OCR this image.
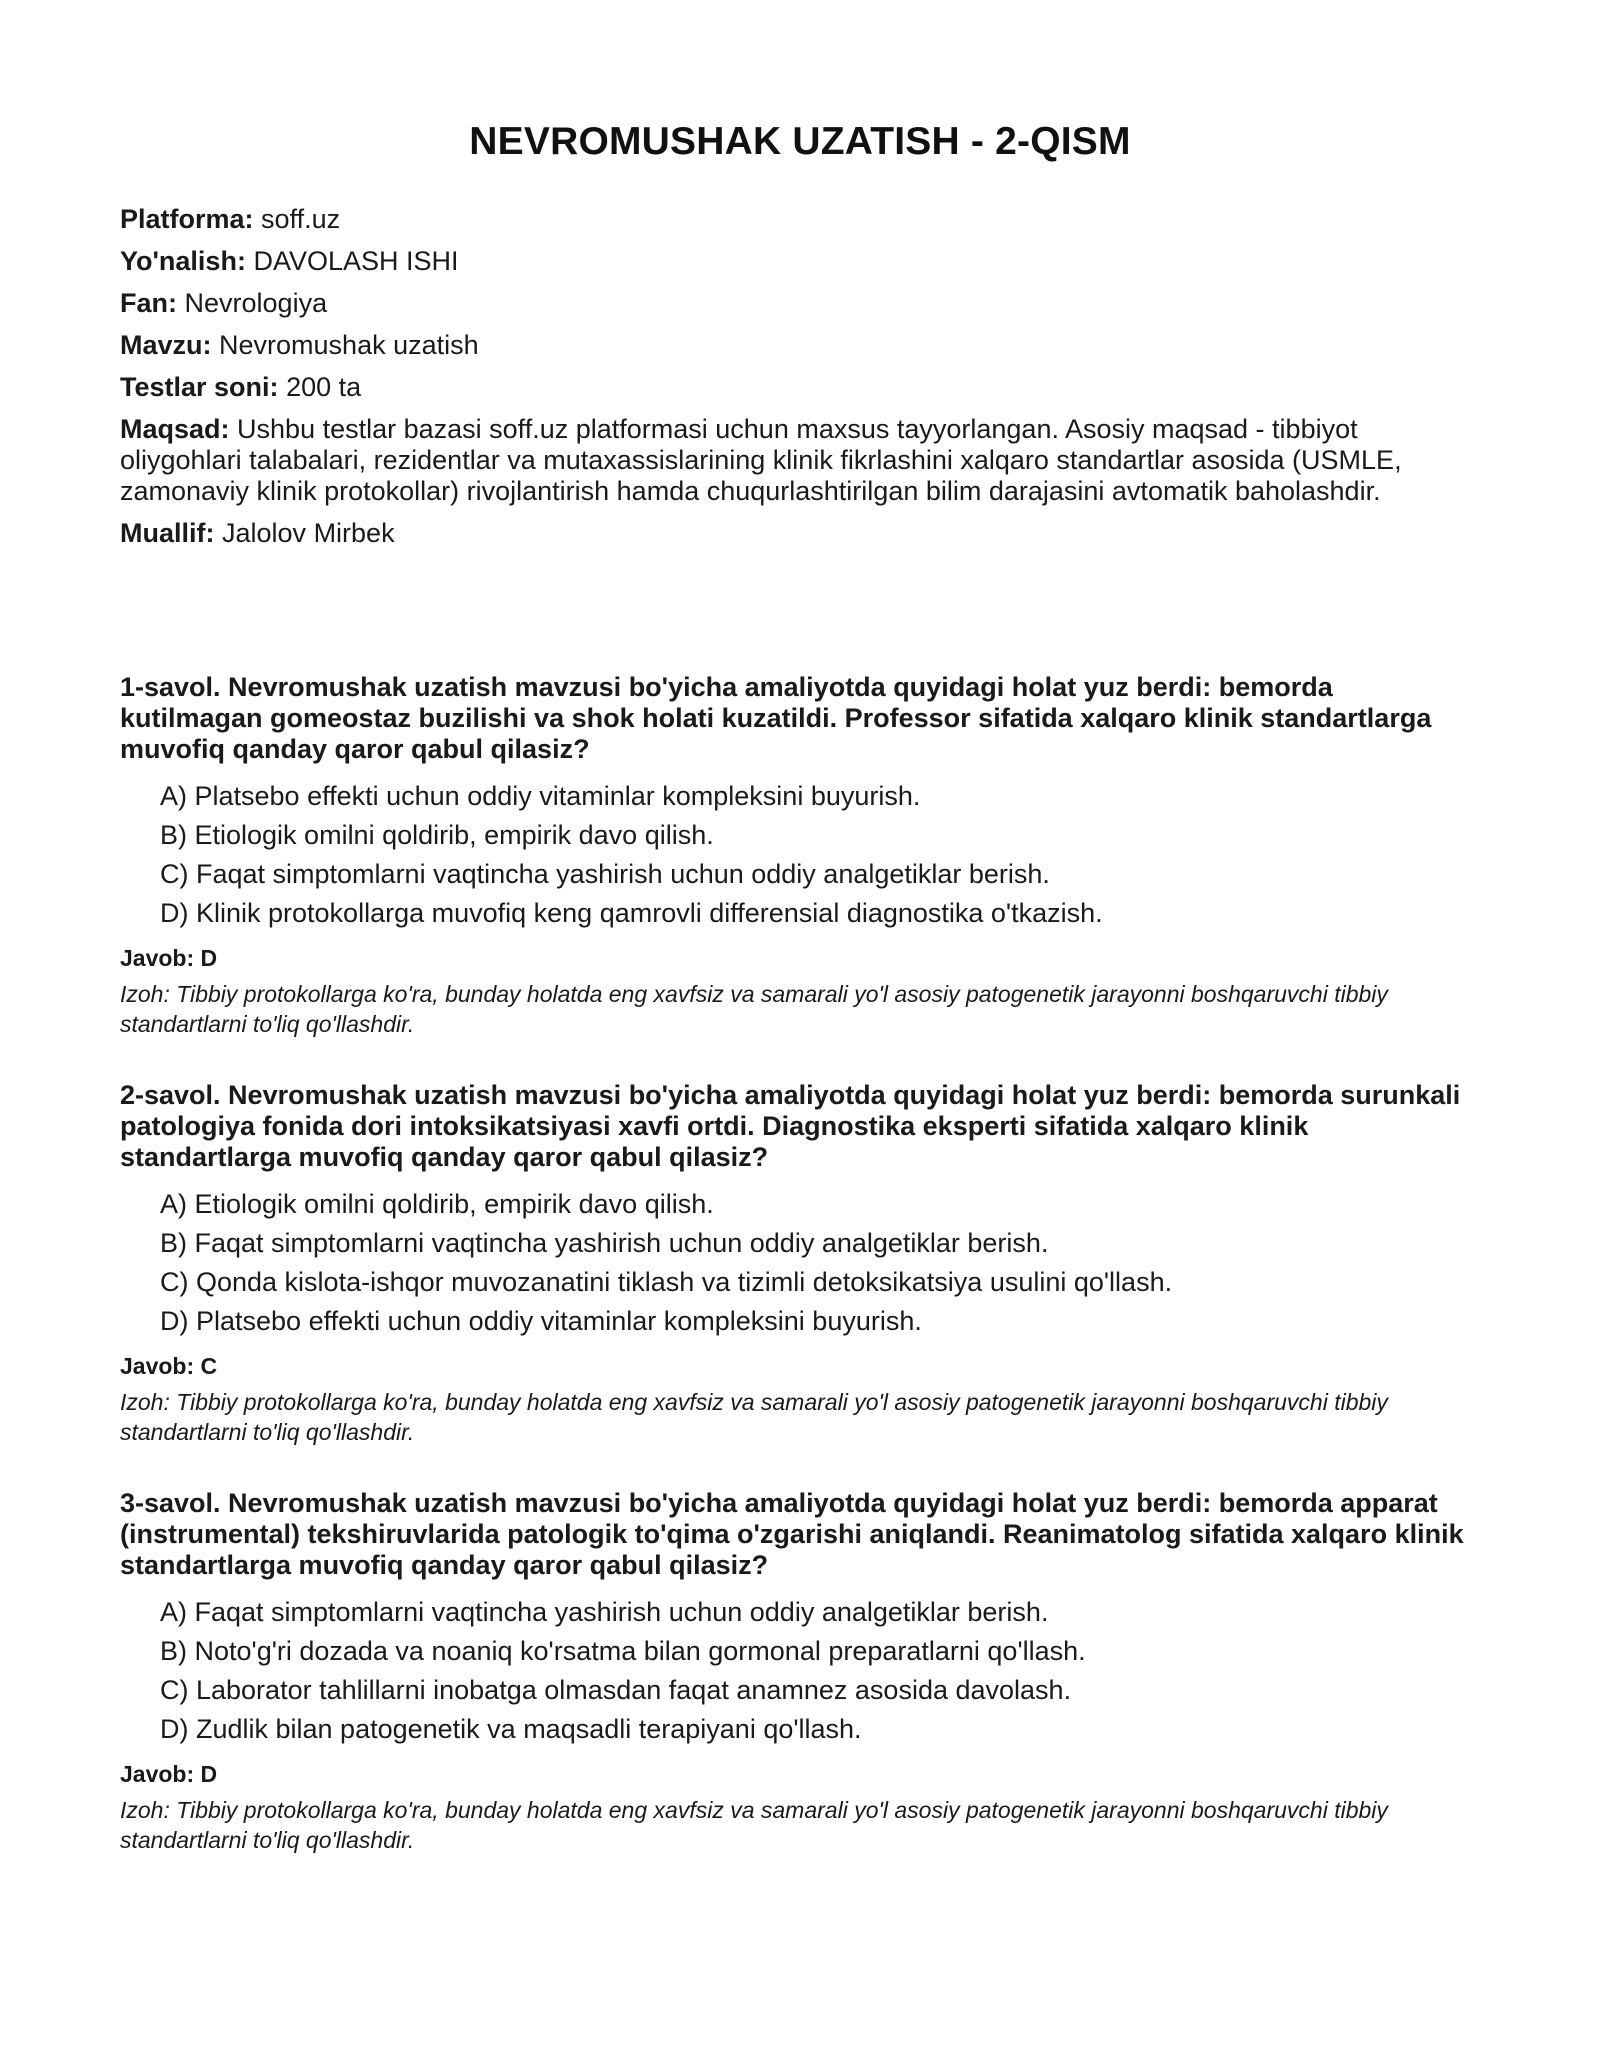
NEVROMUSHAK UZATISH - 2-QISM
Platforma: soff.uz
Yo'nalish: DAVOLASH ISHI
Fan: Nevrologiya
Mavzu: Nevromushak uzatish
Testlar soni: 200 ta
Maqsad: Ushbu testlar bazasi soff.uz platformasi uchun maxsus tayyorlangan. Asosiy maqsad - tibbiyot oliygohlari talabalari, rezidentlar va mutaxassislarining klinik fikrlashini xalqaro standartlar asosida (USMLE, zamonaviy klinik protokollar) rivojlantirish hamda chuqurlashtirilgan bilim darajasini avtomatik baholashdir.
Muallif: Jalolov Mirbek

1-savol. Nevromushak uzatish mavzusi bo'yicha amaliyotda quyidagi holat yuz berdi: bemorda kutilmagan gomeostaz buzilishi va shok holati kuzatildi. Professor sifatida xalqaro klinik standartlarga muvofiq qanday qaror qabul qilasiz?

A) Platsebo effekti uchun oddiy vitaminlar kompleksini buyurish.
B) Etiologik omilni qoldirib, empirik davo qilish.
C) Faqat simptomlarni vaqtincha yashirish uchun oddiy analgetiklar berish.
D) Klinik protokollarga muvofiq keng qamrovli differensial diagnostika o'tkazish.
Javob: D
Izoh: Tibbiy protokollarga ko'ra, bunday holatda eng xavfsiz va samarali yo'l asosiy patogenetik jarayonni boshqaruvchi tibbiy standartlarni to'liq qo'llashdir.

2-savol. Nevromushak uzatish mavzusi bo'yicha amaliyotda quyidagi holat yuz berdi: bemorda surunkali patologiya fonida dori intoksikatsiyasi xavfi ortdi. Diagnostika eksperti sifatida xalqaro klinik standartlarga muvofiq qanday qaror qabul qilasiz?

A) Etiologik omilni qoldirib, empirik davo qilish.
B) Faqat simptomlarni vaqtincha yashirish uchun oddiy analgetiklar berish.
C) Qonda kislota-ishqor muvozanatini tiklash va tizimli detoksikatsiya usulini qo'llash.
D) Platsebo effekti uchun oddiy vitaminlar kompleksini buyurish.
Javob: C
Izoh: Tibbiy protokollarga ko'ra, bunday holatda eng xavfsiz va samarali yo'l asosiy patogenetik jarayonni boshqaruvchi tibbiy standartlarni to'liq qo'llashdir.

3-savol. Nevromushak uzatish mavzusi bo'yicha amaliyotda quyidagi holat yuz berdi: bemorda apparat (instrumental) tekshiruvlarida patologik to'qima o'zgarishi aniqlandi. Reanimatolog sifatida xalqaro klinik standartlarga muvofiq qanday qaror qabul qilasiz?

A) Faqat simptomlarni vaqtincha yashirish uchun oddiy analgetiklar berish.
B) Noto'g'ri dozada va noaniq ko'rsatma bilan gormonal preparatlarni qo'llash.
C) Laborator tahlillarni inobatga olmasdan faqat anamnez asosida davolash.
D) Zudlik bilan patogenetik va maqsadli terapiyani qo'llash.
Javob: D
Izoh: Tibbiy protokollarga ko'ra, bunday holatda eng xavfsiz va samarali yo'l asosiy patogenetik jarayonni boshqaruvchi tibbiy standartlarni to'liq qo'llashdir.
